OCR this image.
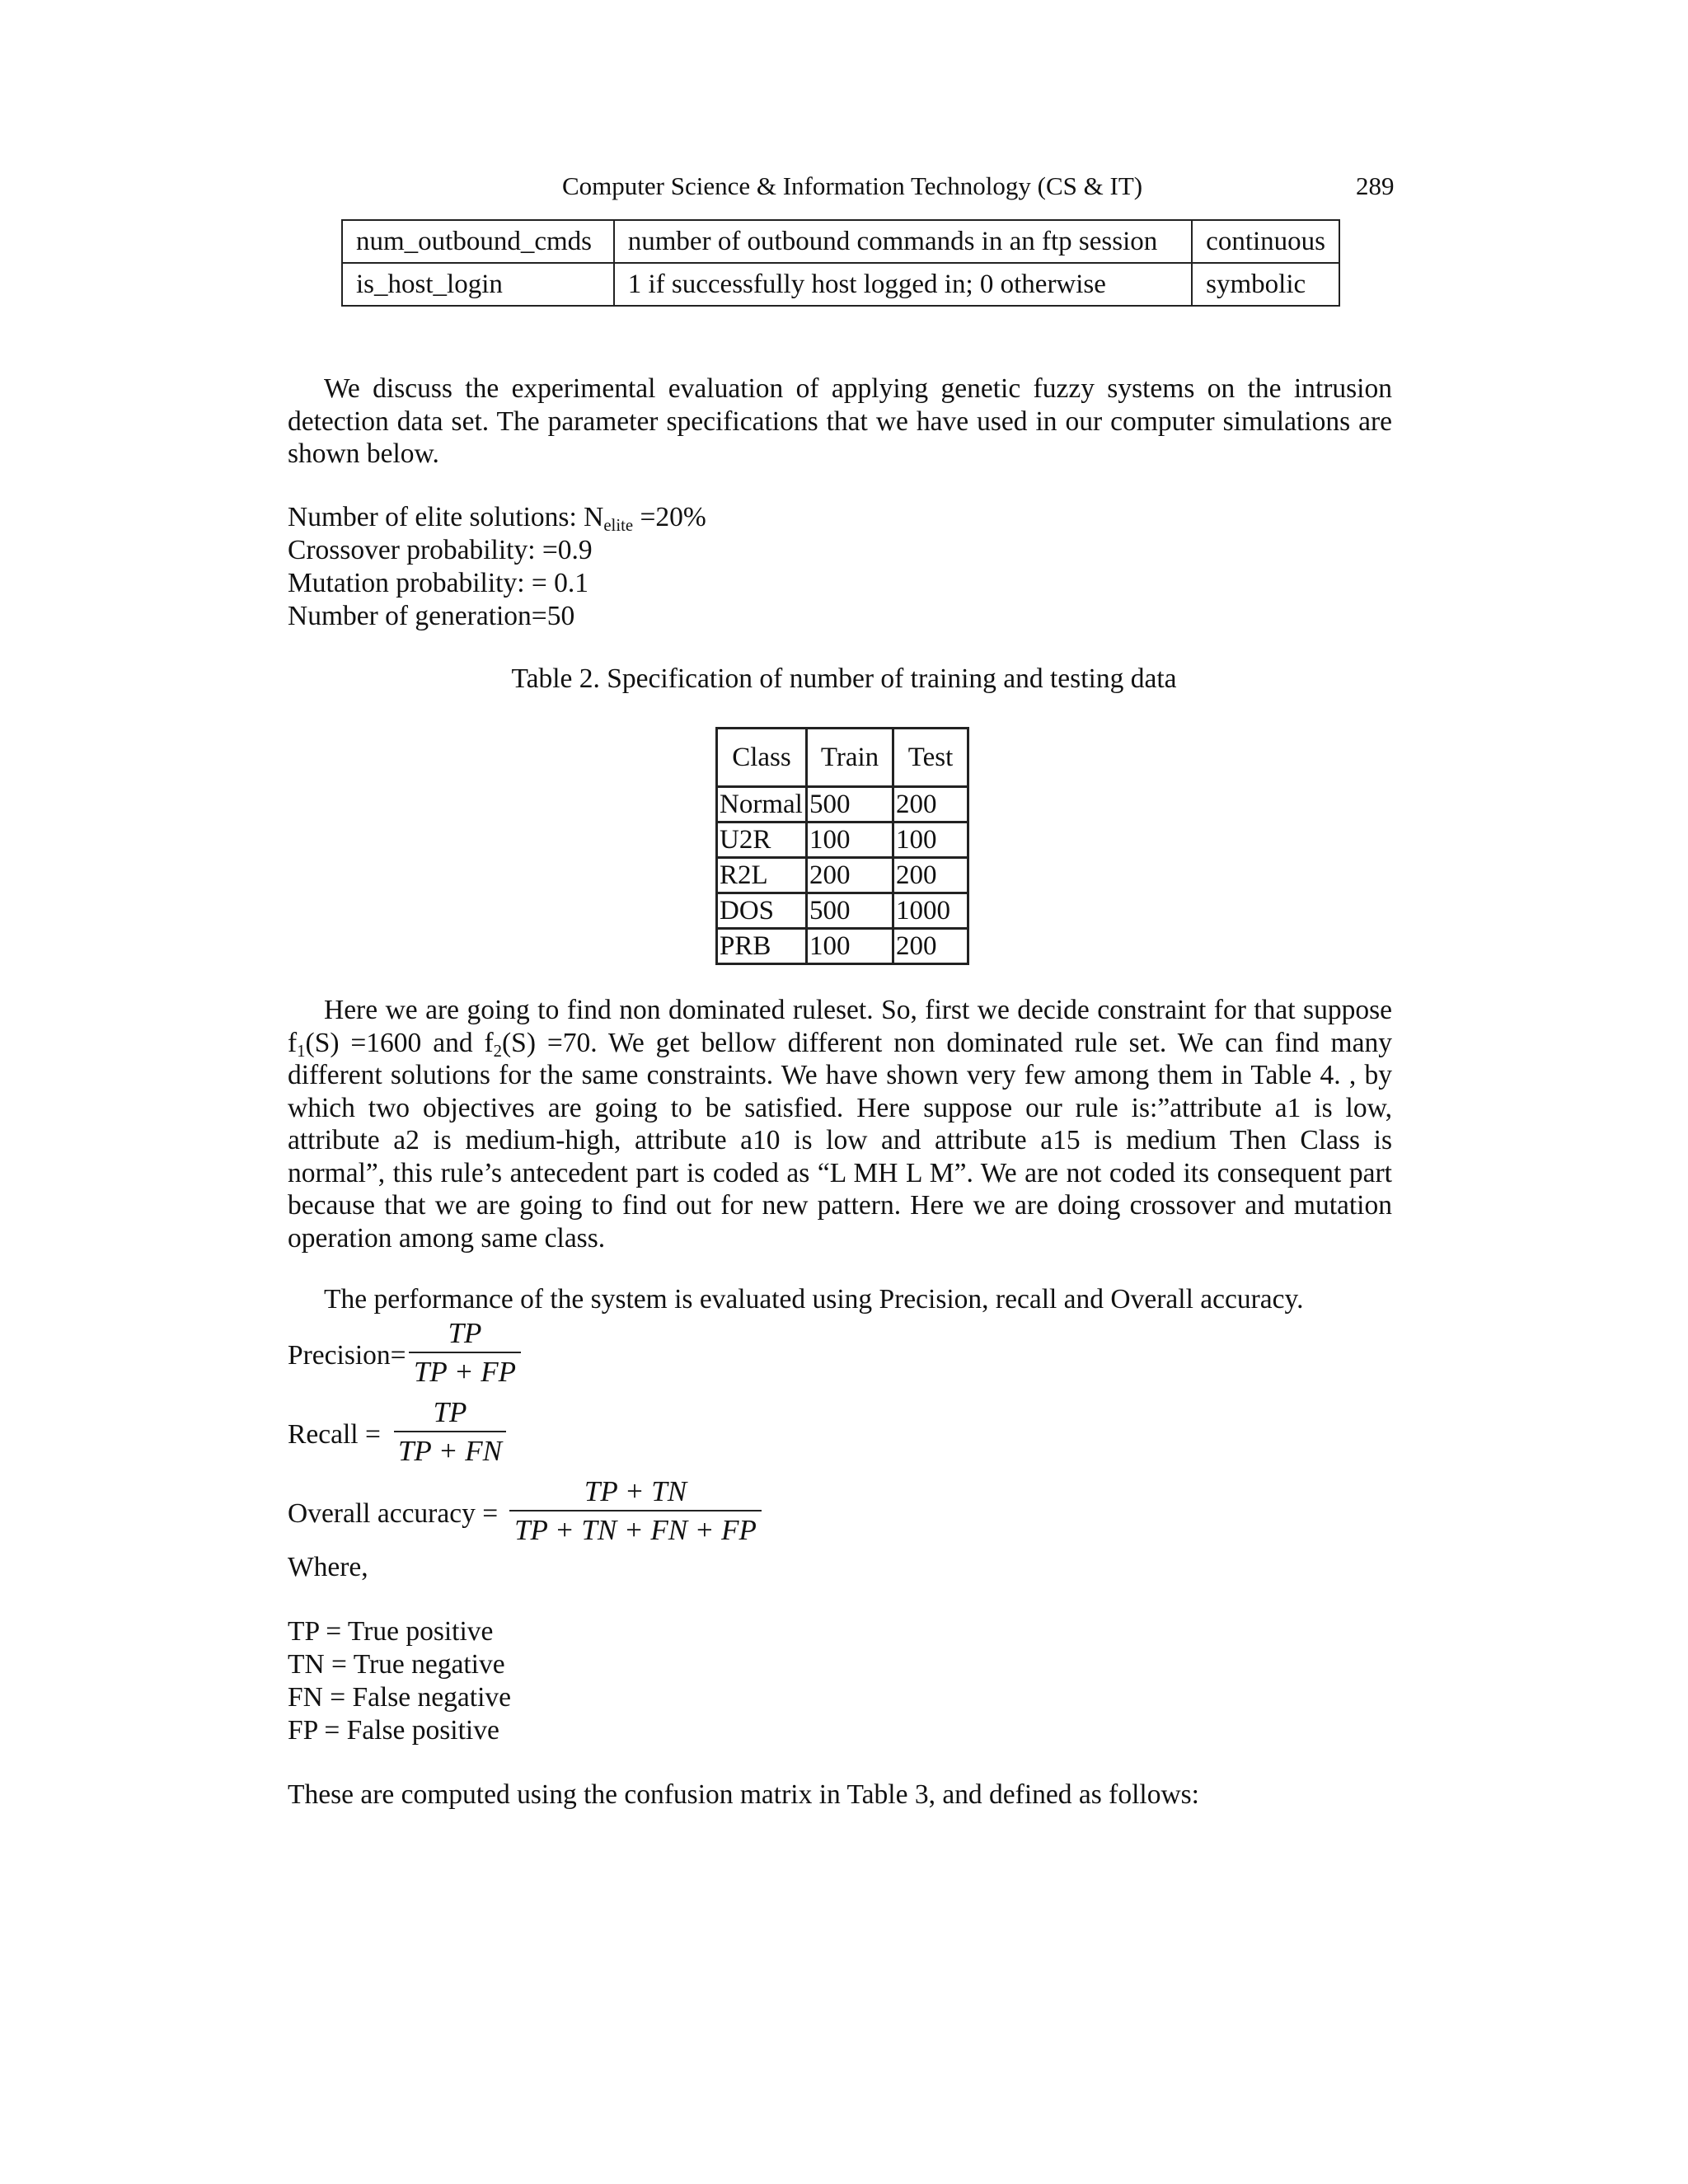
Computer Science & Information Technology (CS & IT)	289
num_outbound_cmds	number of outbound commands in an ftp session	continuous
is_host_login	1 if successfully host logged in; 0 otherwise	symbolic
We discuss the experimental evaluation of applying genetic fuzzy systems on the intrusion detection data set. The parameter specifications that we have used in our computer simulations are shown below.
Number of elite solutions: $N_{elite} =20\%$
Crossover probability: =0.9
Mutation probability: = 0.1
Number of generation=50
Table 2. Specification of number of training and testing data
Class	Train	Test
Normal	500	200
U2R	100	100
R2L	200	200
DOS	500	1000
PRB	100	200
Here we are going to find non dominated ruleset. So, first we decide constraint for that suppose $f_1(S) =1600$ and $f_2(S) =70$. We get bellow different non dominated rule set. We can find many different solutions for the same constraints. We have shown very few among them in Table 4. , by which two objectives are going to be satisfied. Here suppose our rule is:”attribute a1 is low, attribute a2 is medium-high, attribute a10 is low and attribute a15 is medium Then Class is normal”, this rule’s antecedent part is coded as “L MH L M”. We are not coded its consequent part because that we are going to find out for new pattern. Here we are doing crossover and mutation operation among same class.
The performance of the system is evaluated using Precision, recall and Overall accuracy.
Precision=
TP
TP + FP
Recall =
TP
TP + FN
Overall accuracy =
TP + TN
TP + TN + FN + FP
Where,
TP = True positive
TN = True negative
FN = False negative
FP = False positive
These are computed using the confusion matrix in Table 3, and defined as follows:
